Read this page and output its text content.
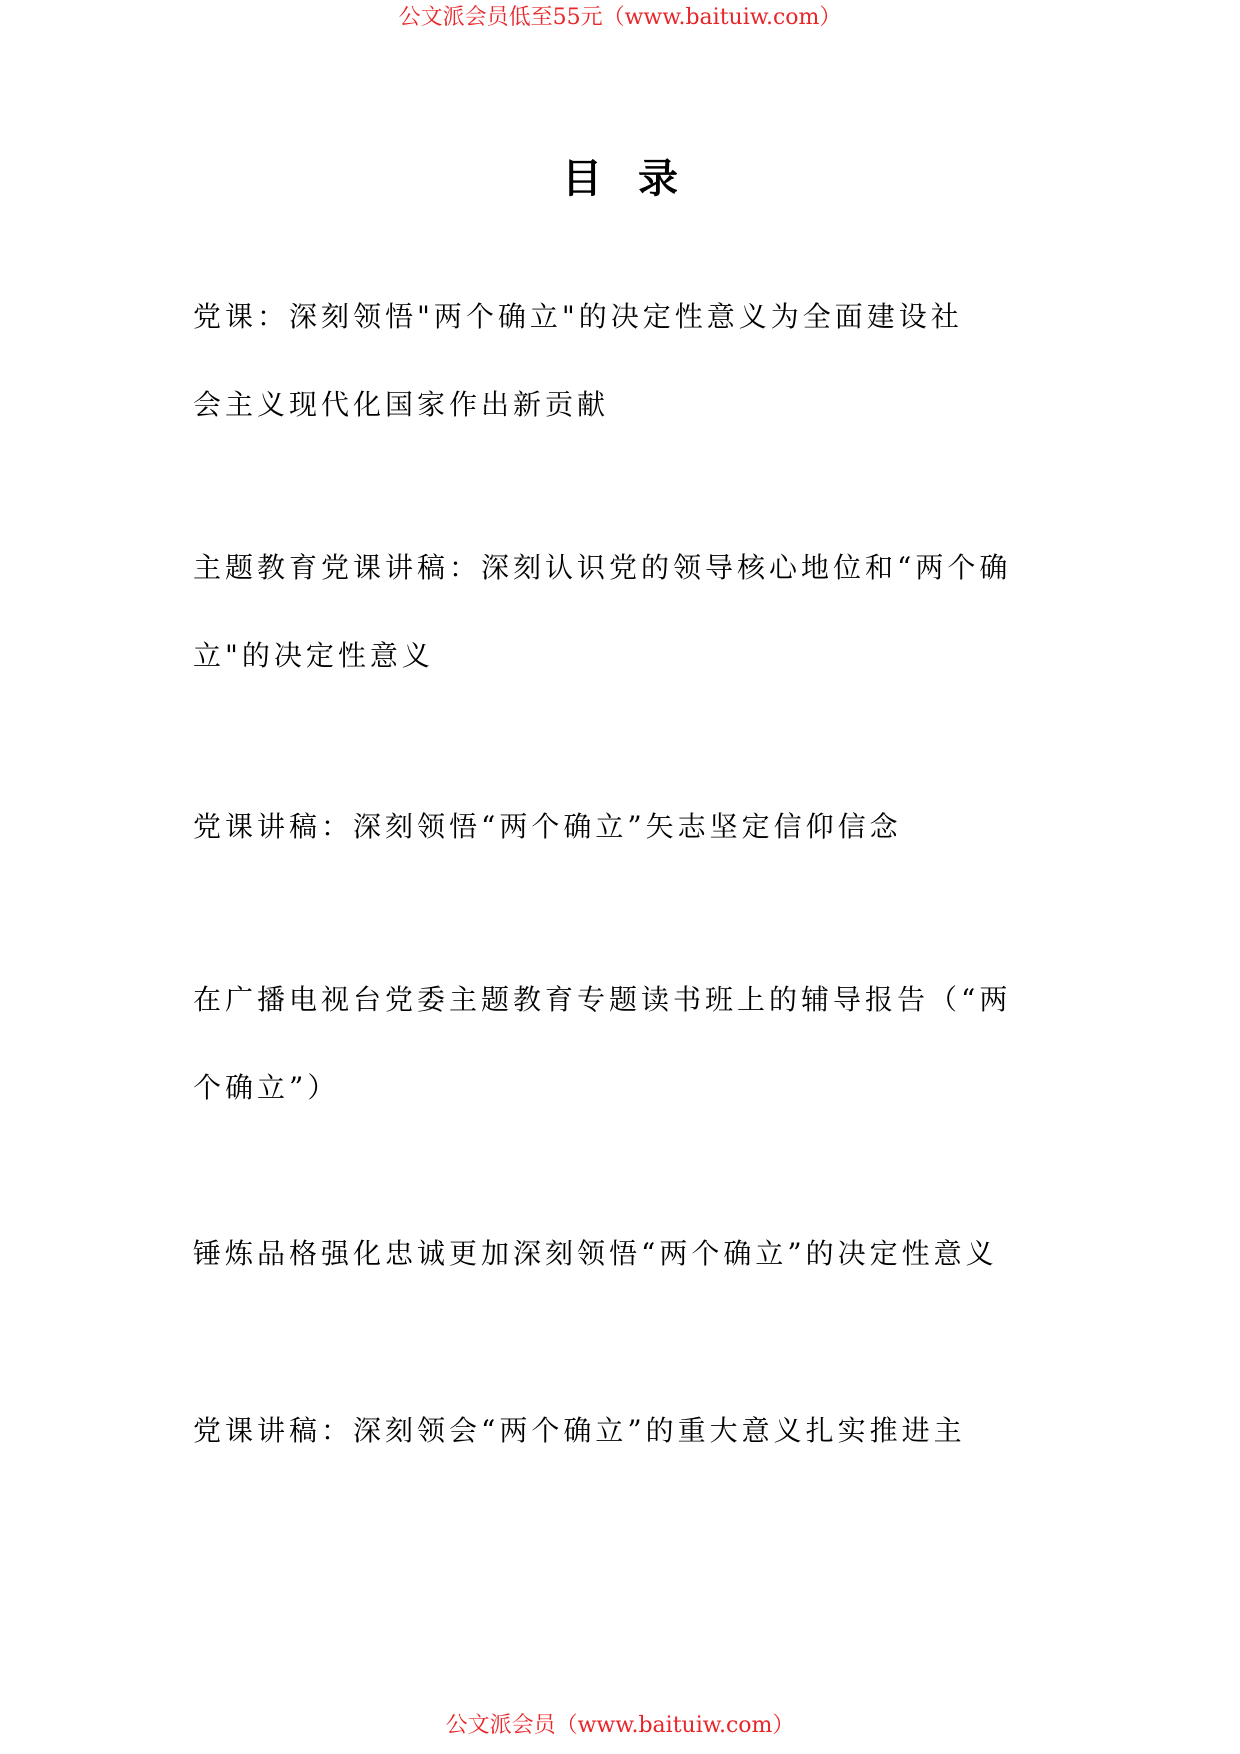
公文派会员低至55元（www.baituiw.com）
目录
党课：深刻领悟"两个确立"的决定性意义为全面建设社
会主义现代化国家作出新贡献
主题教育党课讲稿：深刻认识党的领导核心地位和“两个确
立"的决定性意义
党课讲稿：深刻领悟“两个确立”矢志坚定信仰信念
在广播电视台党委主题教育专题读书班上的辅导报告（“两
个确立”）
锤炼品格强化忠诚更加深刻领悟“两个确立”的决定性意义
党课讲稿：深刻领会“两个确立”的重大意义扎实推进主
公文派会员（www.baituiw.com）
